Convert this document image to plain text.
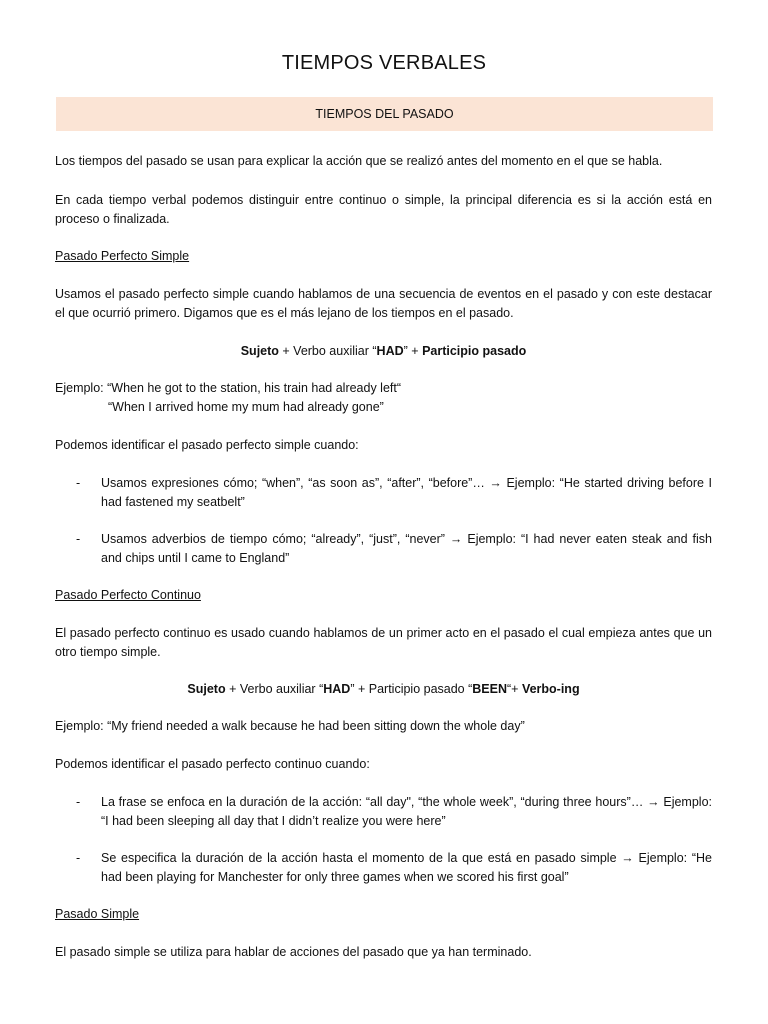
TIEMPOS VERBALES
TIEMPOS DEL PASADO
Los tiempos del pasado se usan para explicar la acción que se realizó antes del momento en el que se habla.
En cada tiempo verbal podemos distinguir entre continuo o simple, la principal diferencia es si la acción está en proceso o finalizada.
Pasado Perfecto Simple
Usamos el pasado perfecto simple cuando hablamos de una secuencia de eventos en el pasado y con este destacar el que ocurrió primero. Digamos que es el más lejano de los tiempos en el pasado.
Sujeto + Verbo auxiliar “HAD” + Participio pasado
Ejemplo: “When he got to the station, his train had already left“
“When I arrived home my mum had already gone”
Podemos identificar el pasado perfecto simple cuando:
- Usamos expresiones cómo; “when”, “as soon as”, “after”, “before”… → Ejemplo: “He started driving before I had fastened my seatbelt”
- Usamos adverbios de tiempo cómo; “already”, “just”, “never” → Ejemplo: “I had never eaten steak and fish and chips until I came to England”
Pasado Perfecto Continuo
El pasado perfecto continuo es usado cuando hablamos de un primer acto en el pasado el cual empieza antes que un otro tiempo simple.
Sujeto + Verbo auxiliar “HAD” + Participio pasado “BEEN“+ Verbo-ing
Ejemplo: “My friend needed a walk because he had been sitting down the whole day”
Podemos identificar el pasado perfecto continuo cuando:
- La frase se enfoca en la duración de la acción: “all day", “the whole week”, “during three hours”… → Ejemplo: “I had been sleeping all day that I didn’t realize you were here”
- Se especifica la duración de la acción hasta el momento de la que está en pasado simple → Ejemplo: “He had been playing for Manchester for only three games when we scored his first goal”
Pasado Simple
El pasado simple se utiliza para hablar de acciones del pasado que ya han terminado.
